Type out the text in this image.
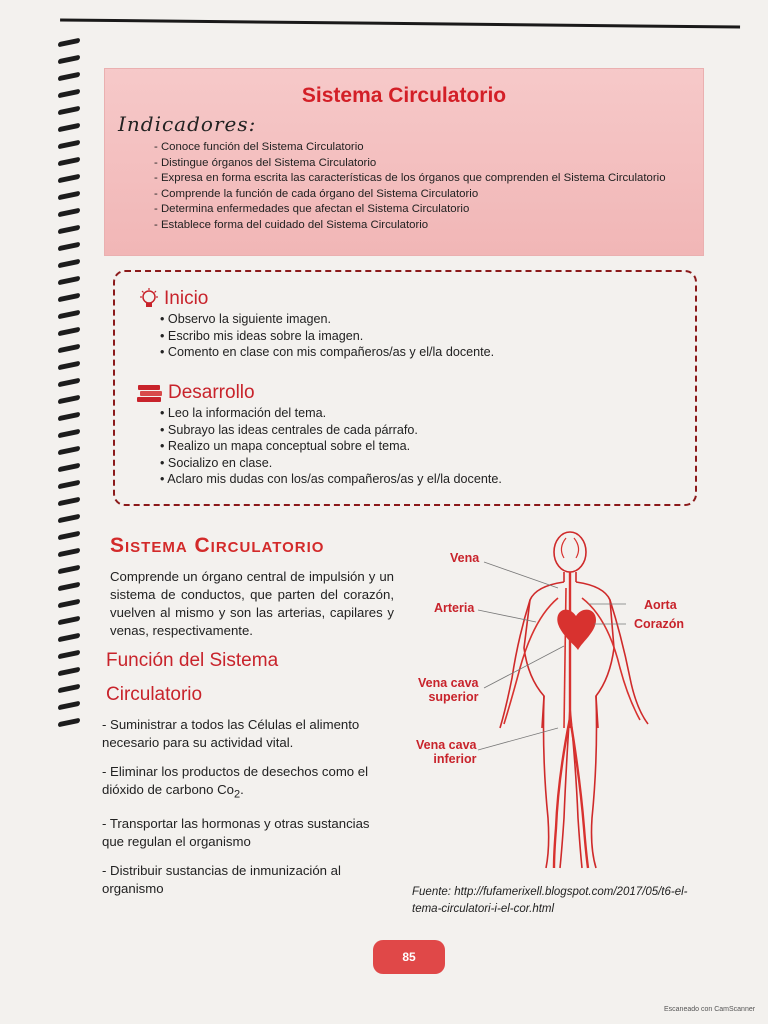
Sistema Circulatorio
Indicadores:
- Conoce función del Sistema Circulatorio
- Distingue órganos del Sistema Circulatorio
- Expresa en forma escrita las características de los órganos que comprenden el Sistema Circulatorio
- Comprende la función de cada órgano del Sistema Circulatorio
- Determina enfermedades que afectan el Sistema Circulatorio
- Establece forma del cuidado del Sistema Circulatorio
Inicio
• Observo la siguiente imagen.
• Escribo mis ideas sobre la imagen.
• Comento en clase con mis compañeros/as y el/la docente.
Desarrollo
• Leo la información del tema.
• Subrayo las ideas centrales de cada párrafo.
• Realizo un mapa conceptual sobre el tema.
• Socializo en clase.
• Aclaro mis dudas con los/as compañeros/as y el/la docente.
Sistema Circulatorio

Comprende un órgano central de impulsión y un sistema de conductos, que parten del corazón, vuelven al mismo y son las arterias, capilares y venas, respectivamente.

Función del Sistema
Circulatorio
- Suministrar a todos las Células el alimento necesario para su actividad vital.
- Eliminar los productos de desechos como el dióxido de carbono $Co_2$.
- Transportar las hormonas y otras sustancias que regulan el organismo
- Distribuir sustancias de inmunización al organismo
Vena
Arteria	Aorta
Corazón
Vena cava
superior
Vena cava
inferior
Fuente: http://fufamerixell.blogspot.com/2017/05/t6-el-
tema-circulatori-i-el-cor.html
85
Escaneado con CamScanner
